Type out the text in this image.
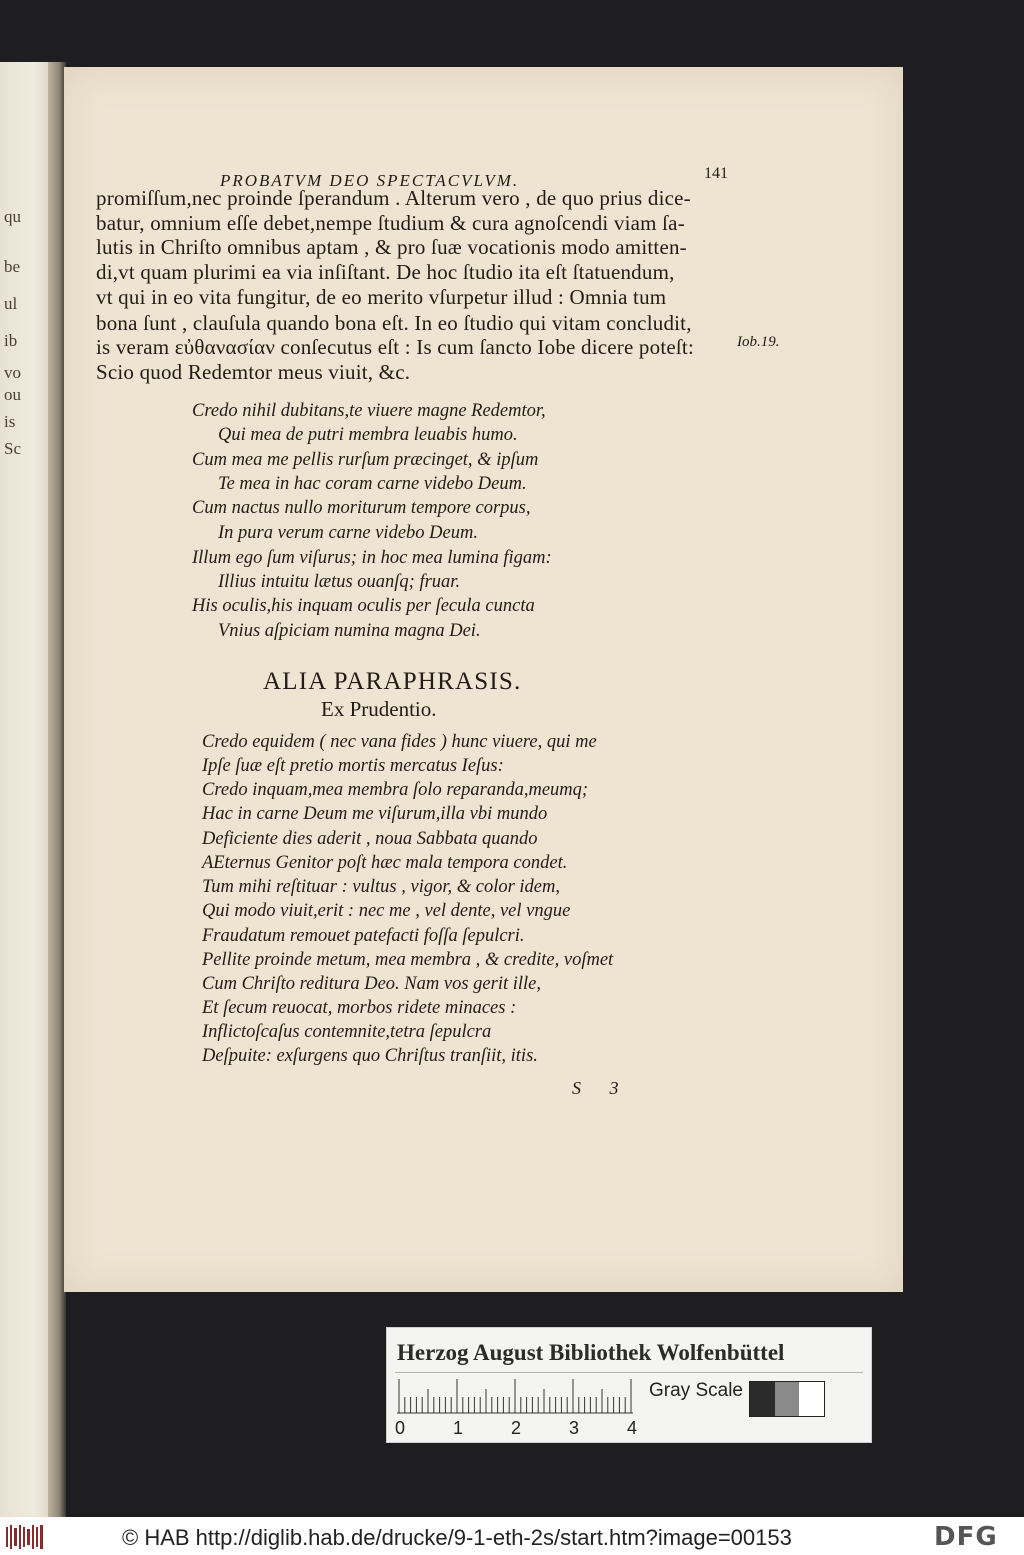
qu
be
ul
ib
vo
ou
is
Sc
PROBATVM DEO SPECTACVLVM.	141
promiſſum,nec proinde ſperandum . Alterum vero , de quo prius dice-
batur, omnium eſſe debet,nempe ſtudium & cura agnoſcendi viam ſa-
lutis in Chriſto omnibus aptam , & pro ſuæ vocationis modo amitten-
di,vt quam plurimi ea via inſiſtant. De hoc ſtudio ita eſt ſtatuendum,
vt qui in eo vita fungitur, de eo merito vſurpetur illud : Omnia tum
bona ſunt , clauſula quando bona eſt. In eo ſtudio qui vitam concludit,
is veram εὐθανασίαν conſecutus eſt : Is cum ſancto Iobe dicere poteſt:
Scio quod Redemtor meus viuit, &c.
Iob.19.
Credo nihil dubitans,te viuere magne Redemtor,
Qui mea de putri membra leuabis humo.
Cum mea me pellis rurſum præcinget, & ipſum
Te mea in hac coram carne videbo Deum.
Cum nactus nullo moriturum tempore corpus,
In pura verum carne videbo Deum.
Illum ego ſum viſurus; in hoc mea lumina figam:
Illius intuitu lætus ouanſq; fruar.
His oculis,his inquam oculis per ſecula cuncta
Vnius aſpiciam numina magna Dei.
ALIA PARAPHRASIS.
Ex Prudentio.
Credo equidem ( nec vana fides ) hunc viuere, qui me
Ipſe ſuæ eſt pretio mortis mercatus Ieſus:
Credo inquam,mea membra ſolo reparanda,meumq;
Hac in carne Deum me viſurum,illa vbi mundo
Deficiente dies aderit , noua Sabbata quando
AEternus Genitor poſt hæc mala tempora condet.
Tum mihi reſtituar : vultus , vigor, & color idem,
Qui modo viuit,erit : nec me , vel dente, vel vngue
Fraudatum remouet patefacti foſſa ſepulcri.
Pellite proinde metum, mea membra , & credite, voſmet
Cum Chriſto reditura Deo. Nam vos gerit ille,
Et ſecum reuocat, morbos ridete minaces :
Inflictoſcaſus contemnite,tetra ſepulcra
Deſpuite: exſurgens quo Chriſtus tranſiit, itis.
S 3
Herzog August Bibliothek Wolfenbüttel
0	1	2	3	4
Gray Scale
© HAB http://diglib.hab.de/drucke/9-1-eth-2s/start.htm?image=00153	DFG
